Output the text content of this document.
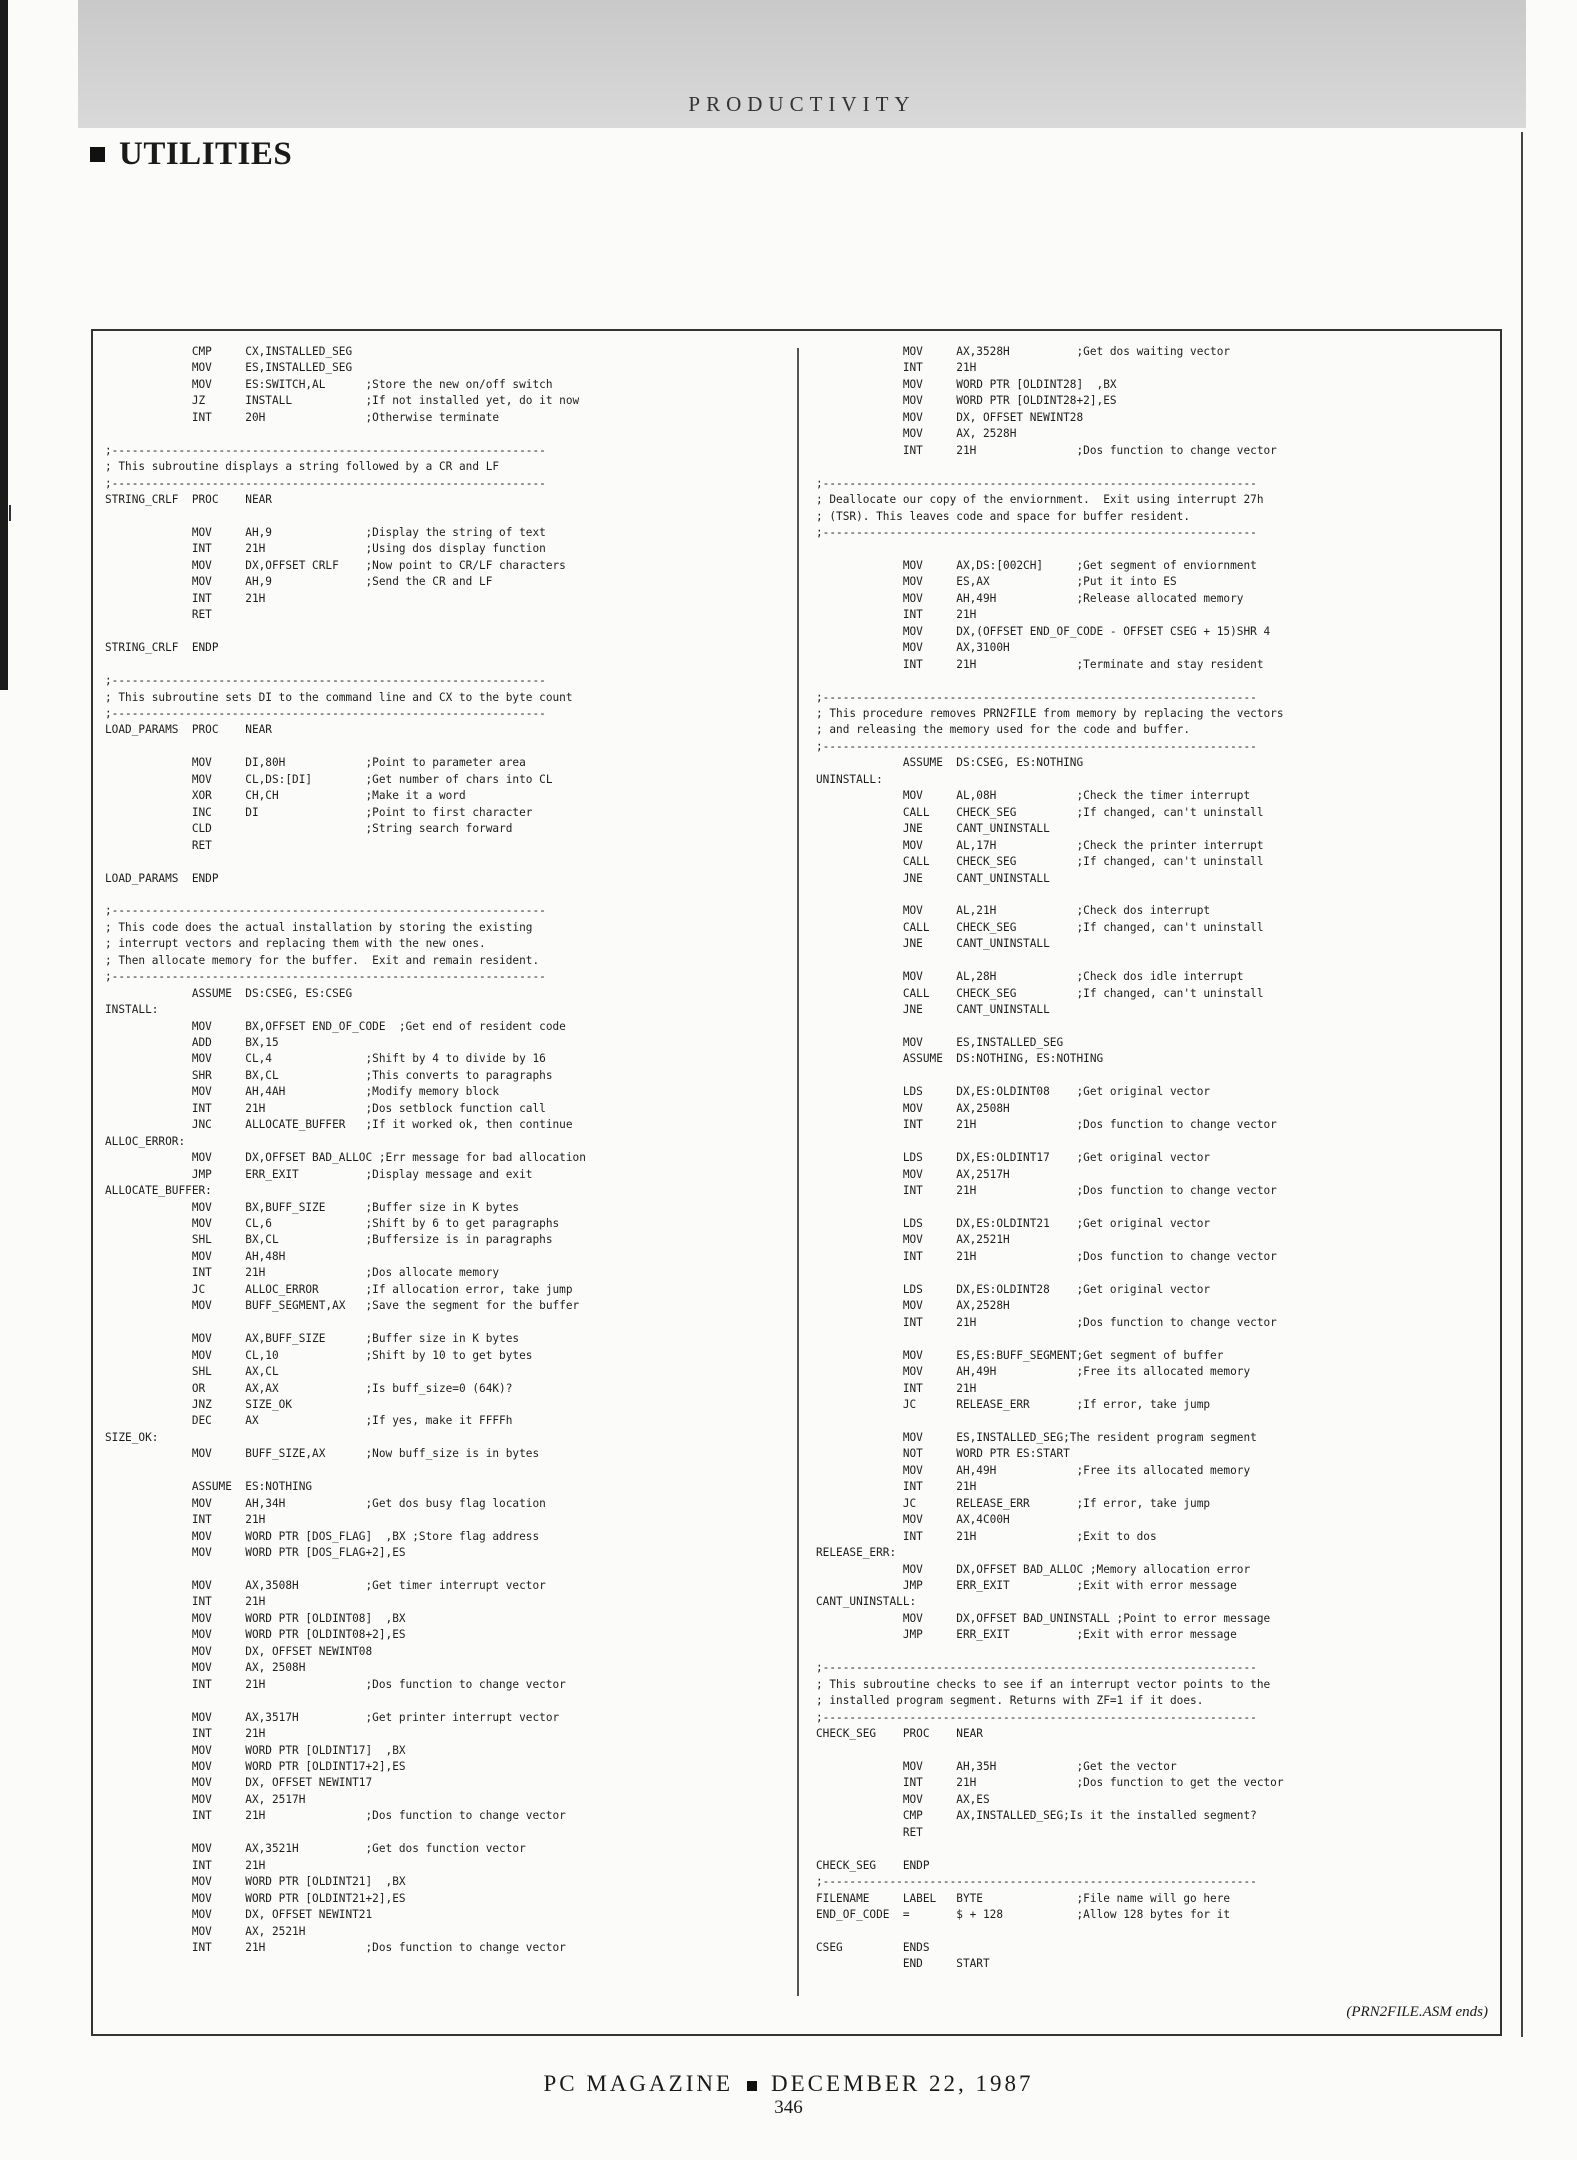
PRODUCTIVITY
UTILITIES
CMP     CX,INSTALLED_SEG
MOV     ES,INSTALLED_SEG
MOV     ES:SWITCH,AL      ;Store the new on/off switch
JZ      INSTALL           ;If not installed yet, do it now
INT     20H               ;Otherwise terminate

;-----------------------------------------------------------------
; This subroutine displays a string followed by a CR and LF
;-----------------------------------------------------------------
STRING_CRLF  PROC    NEAR

MOV     AH,9              ;Display the string of text
INT     21H               ;Using dos display function
MOV     DX,OFFSET CRLF    ;Now point to CR/LF characters
MOV     AH,9              ;Send the CR and LF
INT     21H
RET

STRING_CRLF  ENDP

;-----------------------------------------------------------------
; This subroutine sets DI to the command line and CX to the byte count
;-----------------------------------------------------------------
LOAD_PARAMS  PROC    NEAR

MOV     DI,80H            ;Point to parameter area
MOV     CL,DS:[DI]        ;Get number of chars into CL
XOR     CH,CH             ;Make it a word
INC     DI                ;Point to first character
CLD                       ;String search forward
RET

LOAD_PARAMS  ENDP

;-----------------------------------------------------------------
; This code does the actual installation by storing the existing
; interrupt vectors and replacing them with the new ones.
; Then allocate memory for the buffer.  Exit and remain resident.
;-----------------------------------------------------------------
ASSUME  DS:CSEG, ES:CSEG
INSTALL:
MOV     BX,OFFSET END_OF_CODE  ;Get end of resident code
ADD     BX,15
MOV     CL,4              ;Shift by 4 to divide by 16
SHR     BX,CL             ;This converts to paragraphs
MOV     AH,4AH            ;Modify memory block
INT     21H               ;Dos setblock function call
JNC     ALLOCATE_BUFFER   ;If it worked ok, then continue
ALLOC_ERROR:
MOV     DX,OFFSET BAD_ALLOC ;Err message for bad allocation
JMP     ERR_EXIT          ;Display message and exit
ALLOCATE_BUFFER:
MOV     BX,BUFF_SIZE      ;Buffer size in K bytes
MOV     CL,6              ;Shift by 6 to get paragraphs
SHL     BX,CL             ;Buffersize is in paragraphs
MOV     AH,48H
INT     21H               ;Dos allocate memory
JC      ALLOC_ERROR       ;If allocation error, take jump
MOV     BUFF_SEGMENT,AX   ;Save the segment for the buffer

MOV     AX,BUFF_SIZE      ;Buffer size in K bytes
MOV     CL,10             ;Shift by 10 to get bytes
SHL     AX,CL
OR      AX,AX             ;Is buff_size=0 (64K)?
JNZ     SIZE_OK
DEC     AX                ;If yes, make it FFFFh
SIZE_OK:
MOV     BUFF_SIZE,AX      ;Now buff_size is in bytes

ASSUME  ES:NOTHING
MOV     AH,34H            ;Get dos busy flag location
INT     21H
MOV     WORD PTR [DOS_FLAG]  ,BX ;Store flag address
MOV     WORD PTR [DOS_FLAG+2],ES

MOV     AX,3508H          ;Get timer interrupt vector
INT     21H
MOV     WORD PTR [OLDINT08]  ,BX
MOV     WORD PTR [OLDINT08+2],ES
MOV     DX, OFFSET NEWINT08
MOV     AX, 2508H
INT     21H               ;Dos function to change vector

MOV     AX,3517H          ;Get printer interrupt vector
INT     21H
MOV     WORD PTR [OLDINT17]  ,BX
MOV     WORD PTR [OLDINT17+2],ES
MOV     DX, OFFSET NEWINT17
MOV     AX, 2517H
INT     21H               ;Dos function to change vector

MOV     AX,3521H          ;Get dos function vector
INT     21H
MOV     WORD PTR [OLDINT21]  ,BX
MOV     WORD PTR [OLDINT21+2],ES
MOV     DX, OFFSET NEWINT21
MOV     AX, 2521H
INT     21H               ;Dos function to change vector
MOV     AX,3528H          ;Get dos waiting vector
INT     21H
MOV     WORD PTR [OLDINT28]  ,BX
MOV     WORD PTR [OLDINT28+2],ES
MOV     DX, OFFSET NEWINT28
MOV     AX, 2528H
INT     21H               ;Dos function to change vector

;-----------------------------------------------------------------
; Deallocate our copy of the enviornment.  Exit using interrupt 27h
; (TSR). This leaves code and space for buffer resident.
;-----------------------------------------------------------------

MOV     AX,DS:[002CH]     ;Get segment of enviornment
MOV     ES,AX             ;Put it into ES
MOV     AH,49H            ;Release allocated memory
INT     21H
MOV     DX,(OFFSET END_OF_CODE - OFFSET CSEG + 15)SHR 4
MOV     AX,3100H
INT     21H               ;Terminate and stay resident

;-----------------------------------------------------------------
; This procedure removes PRN2FILE from memory by replacing the vectors
; and releasing the memory used for the code and buffer.
;-----------------------------------------------------------------
ASSUME  DS:CSEG, ES:NOTHING
UNINSTALL:
MOV     AL,08H            ;Check the timer interrupt
CALL    CHECK_SEG         ;If changed, can't uninstall
JNE     CANT_UNINSTALL
MOV     AL,17H            ;Check the printer interrupt
CALL    CHECK_SEG         ;If changed, can't uninstall
JNE     CANT_UNINSTALL

MOV     AL,21H            ;Check dos interrupt
CALL    CHECK_SEG         ;If changed, can't uninstall
JNE     CANT_UNINSTALL

MOV     AL,28H            ;Check dos idle interrupt
CALL    CHECK_SEG         ;If changed, can't uninstall
JNE     CANT_UNINSTALL

MOV     ES,INSTALLED_SEG
ASSUME  DS:NOTHING, ES:NOTHING

LDS     DX,ES:OLDINT08    ;Get original vector
MOV     AX,2508H
INT     21H               ;Dos function to change vector

LDS     DX,ES:OLDINT17    ;Get original vector
MOV     AX,2517H
INT     21H               ;Dos function to change vector

LDS     DX,ES:OLDINT21    ;Get original vector
MOV     AX,2521H
INT     21H               ;Dos function to change vector

LDS     DX,ES:OLDINT28    ;Get original vector
MOV     AX,2528H
INT     21H               ;Dos function to change vector

MOV     ES,ES:BUFF_SEGMENT;Get segment of buffer
MOV     AH,49H            ;Free its allocated memory
INT     21H
JC      RELEASE_ERR       ;If error, take jump

MOV     ES,INSTALLED_SEG;The resident program segment
NOT     WORD PTR ES:START
MOV     AH,49H            ;Free its allocated memory
INT     21H
JC      RELEASE_ERR       ;If error, take jump
MOV     AX,4C00H
INT     21H               ;Exit to dos
RELEASE_ERR:
MOV     DX,OFFSET BAD_ALLOC ;Memory allocation error
JMP     ERR_EXIT          ;Exit with error message
CANT_UNINSTALL:
MOV     DX,OFFSET BAD_UNINSTALL ;Point to error message
JMP     ERR_EXIT          ;Exit with error message

;-----------------------------------------------------------------
; This subroutine checks to see if an interrupt vector points to the
; installed program segment. Returns with ZF=1 if it does.
;-----------------------------------------------------------------
CHECK_SEG    PROC    NEAR

MOV     AH,35H            ;Get the vector
INT     21H               ;Dos function to get the vector
MOV     AX,ES
CMP     AX,INSTALLED_SEG;Is it the installed segment?
RET

CHECK_SEG    ENDP
;-----------------------------------------------------------------
FILENAME     LABEL   BYTE              ;File name will go here
END_OF_CODE  =       $ + 128           ;Allow 128 bytes for it

CSEG         ENDS
END     START
(PRN2FILE.ASM ends)
PC MAGAZINE DECEMBER 22, 1987
346
